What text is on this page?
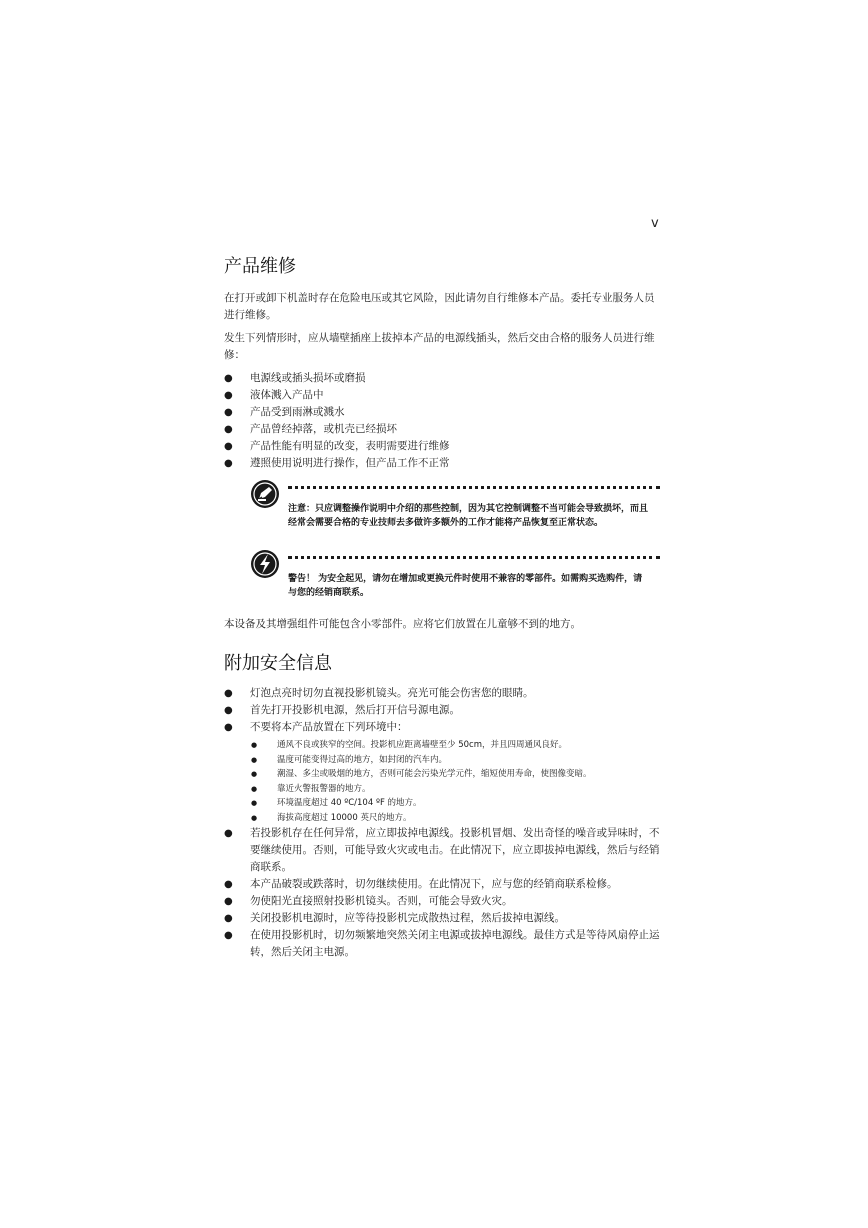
v
产品维修

在打开或卸下机盖时存在危险电压或其它风险，因此请勿自行维修本产品。委托专业服务人员进行维修。

发生下列情形时，应从墙壁插座上拔掉本产品的电源线插头，然后交由合格的服务人员进行维修：

● 电源线或插头损坏或磨损
● 液体溅入产品中
● 产品受到雨淋或溅水
● 产品曾经掉落，或机壳已经损坏
● 产品性能有明显的改变，表明需要进行维修
● 遵照使用说明进行操作，但产品工作不正常
注意：只应调整操作说明中介绍的那些控制，因为其它控制调整不当可能会导致损坏，而且经常会需要合格的专业技师去多做许多额外的工作才能将产品恢复至正常状态。
警告！ 为安全起见，请勿在增加或更换元件时使用不兼容的零部件。如需购买选购件，请与您的经销商联系。

本设备及其增强组件可能包含小零部件。应将它们放置在儿童够不到的地方。

附加安全信息
● 灯泡点亮时切勿直视投影机镜头。亮光可能会伤害您的眼睛。
● 首先打开投影机电源，然后打开信号源电源。
● 不要将本产品放置在下列环境中：
● 通风不良或狭窄的空间。投影机应距离墙壁至少 50cm，并且四周通风良好。
● 温度可能变得过高的地方，如封闭的汽车内。
● 潮湿、多尘或吸烟的地方，否则可能会污染光学元件，缩短使用寿命，使图像变暗。
● 靠近火警报警器的地方。
● 环境温度超过 40 ºC/104 ºF 的地方。
● 海拔高度超过 10000 英尺的地方。
● 若投影机存在任何异常，应立即拔掉电源线。投影机冒烟、发出奇怪的噪音或异味时，不要继续使用。否则，可能导致火灾或电击。在此情况下，应立即拔掉电源线，然后与经销商联系。
● 本产品破裂或跌落时，切勿继续使用。在此情况下，应与您的经销商联系检修。
● 勿使阳光直接照射投影机镜头。否则，可能会导致火灾。
● 关闭投影机电源时，应等待投影机完成散热过程，然后拔掉电源线。
● 在使用投影机时，切勿频繁地突然关闭主电源或拔掉电源线。最佳方式是等待风扇停止运转，然后关闭主电源。
